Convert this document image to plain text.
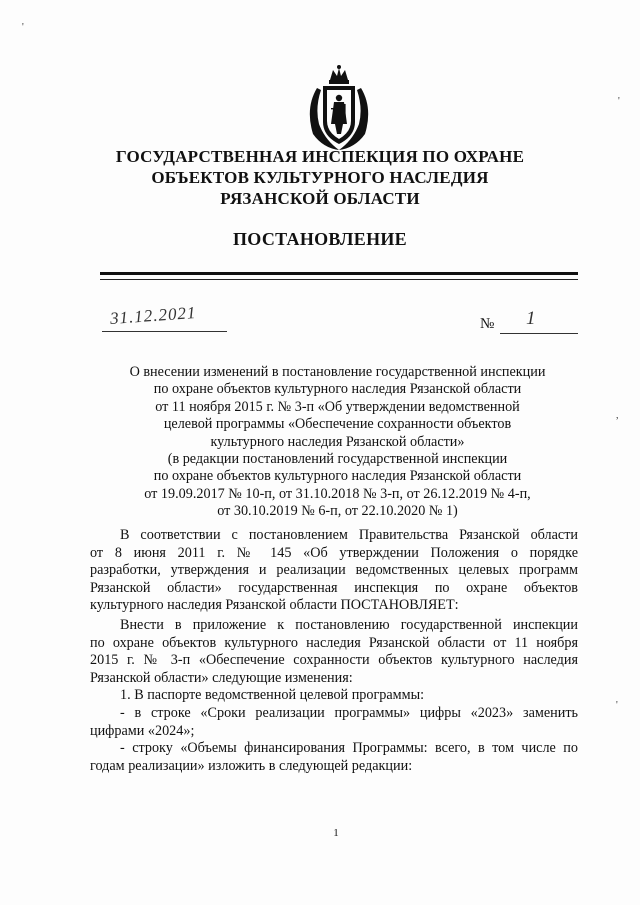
'
'
,
'
ГОСУДАРСТВЕННАЯ ИНСПЕКЦИЯ ПО ОХРАНЕ
ОБЪЕКТОВ КУЛЬТУРНОГО НАСЛЕДИЯ
РЯЗАНСКОЙ ОБЛАСТИ
ПОСТАНОВЛЕНИЕ
31.12.2021	№ 1
О внесении изменений в постановление государственной инспекции
по охране объектов культурного наследия Рязанской области
от 11 ноября 2015 г. № 3-п «Об утверждении ведомственной
целевой программы «Обеспечение сохранности объектов
культурного наследия Рязанской области»
(в редакции постановлений государственной инспекции
по охране объектов культурного наследия Рязанской области
от 19.09.2017 № 10-п, от 31.10.2018 № 3-п, от 26.12.2019 № 4-п,
от 30.10.2019 № 6-п, от 22.10.2020 № 1)
В соответствии с постановлением Правительства Рязанской области
от 8 июня 2011 г. № 145 «Об утверждении Положения о порядке
разработки, утверждения и реализации ведомственных целевых программ
Рязанской области» государственная инспекция по охране объектов
культурного наследия Рязанской области ПОСТАНОВЛЯЕТ:
Внести в приложение к постановлению государственной инспекции
по охране объектов культурного наследия Рязанской области от 11 ноября
2015 г. № 3-п «Обеспечение сохранности объектов культурного наследия
Рязанской области» следующие изменения:
1. В паспорте ведомственной целевой программы:
- в строке «Сроки реализации программы» цифры «2023» заменить
цифрами «2024»;
- строку «Объемы финансирования Программы: всего, в том числе по
годам реализации» изложить в следующей редакции:
1
